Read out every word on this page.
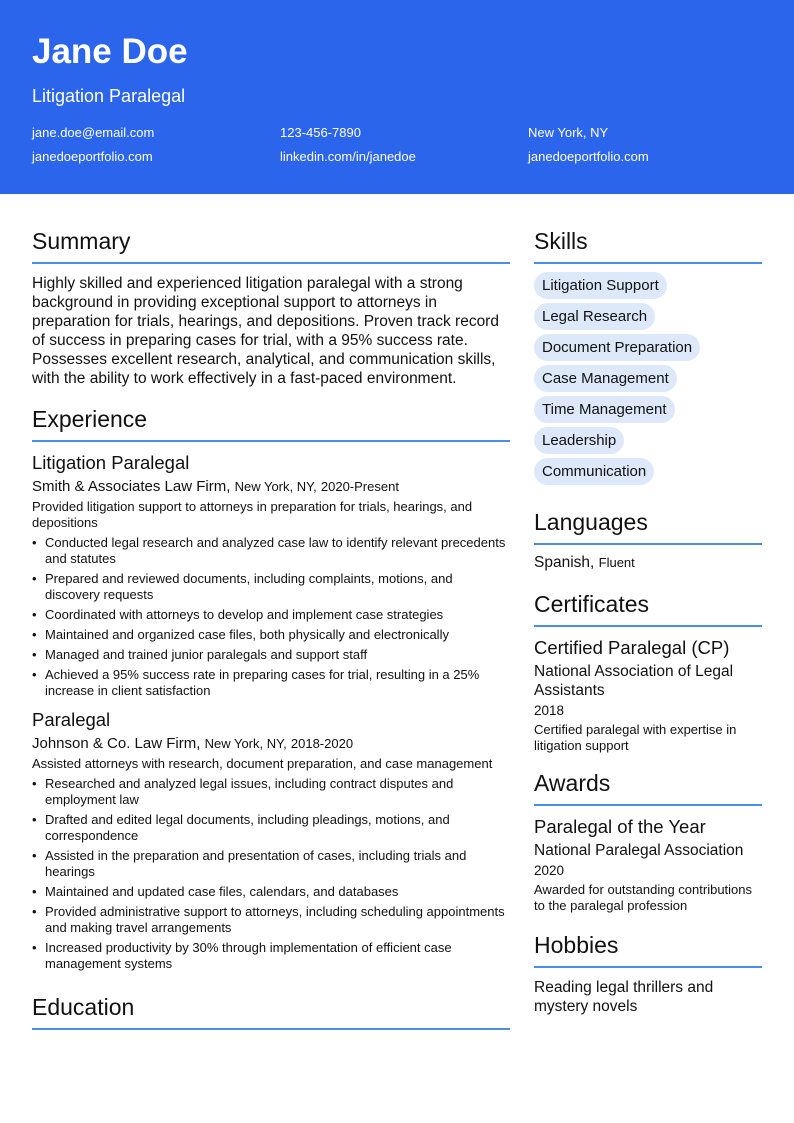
Jane Doe
Litigation Paralegal
jane.doe@email.com	123-456-7890	New York, NY
janedoeportfolio.com	linkedin.com/in/janedoe	janedoeportfolio.com
Summary
Highly skilled and experienced litigation paralegal with a strong background in providing exceptional support to attorneys in preparation for trials, hearings, and depositions. Proven track record of success in preparing cases for trial, with a 95% success rate. Possesses excellent research, analytical, and communication skills, with the ability to work effectively in a fast-paced environment.
Experience
Litigation Paralegal
Smith & Associates Law Firm, New York, NY, 2020-Present
Provided litigation support to attorneys in preparation for trials, hearings, and depositions
• Conducted legal research and analyzed case law to identify relevant precedents and statutes
• Prepared and reviewed documents, including complaints, motions, and discovery requests
• Coordinated with attorneys to develop and implement case strategies
• Maintained and organized case files, both physically and electronically
• Managed and trained junior paralegals and support staff
• Achieved a 95% success rate in preparing cases for trial, resulting in a 25% increase in client satisfaction
Paralegal
Johnson & Co. Law Firm, New York, NY, 2018-2020
Assisted attorneys with research, document preparation, and case management
• Researched and analyzed legal issues, including contract disputes and employment law
• Drafted and edited legal documents, including pleadings, motions, and correspondence
• Assisted in the preparation and presentation of cases, including trials and hearings
• Maintained and updated case files, calendars, and databases
• Provided administrative support to attorneys, including scheduling appointments and making travel arrangements
• Increased productivity by 30% through implementation of efficient case management systems
Education
Skills
Litigation Support
Legal Research
Document Preparation
Case Management
Time Management
Leadership
Communication
Languages
Spanish, Fluent
Certificates
Certified Paralegal (CP)
National Association of Legal Assistants
2018
Certified paralegal with expertise in litigation support
Awards
Paralegal of the Year
National Paralegal Association
2020
Awarded for outstanding contributions to the paralegal profession
Hobbies
Reading legal thrillers and mystery novels
